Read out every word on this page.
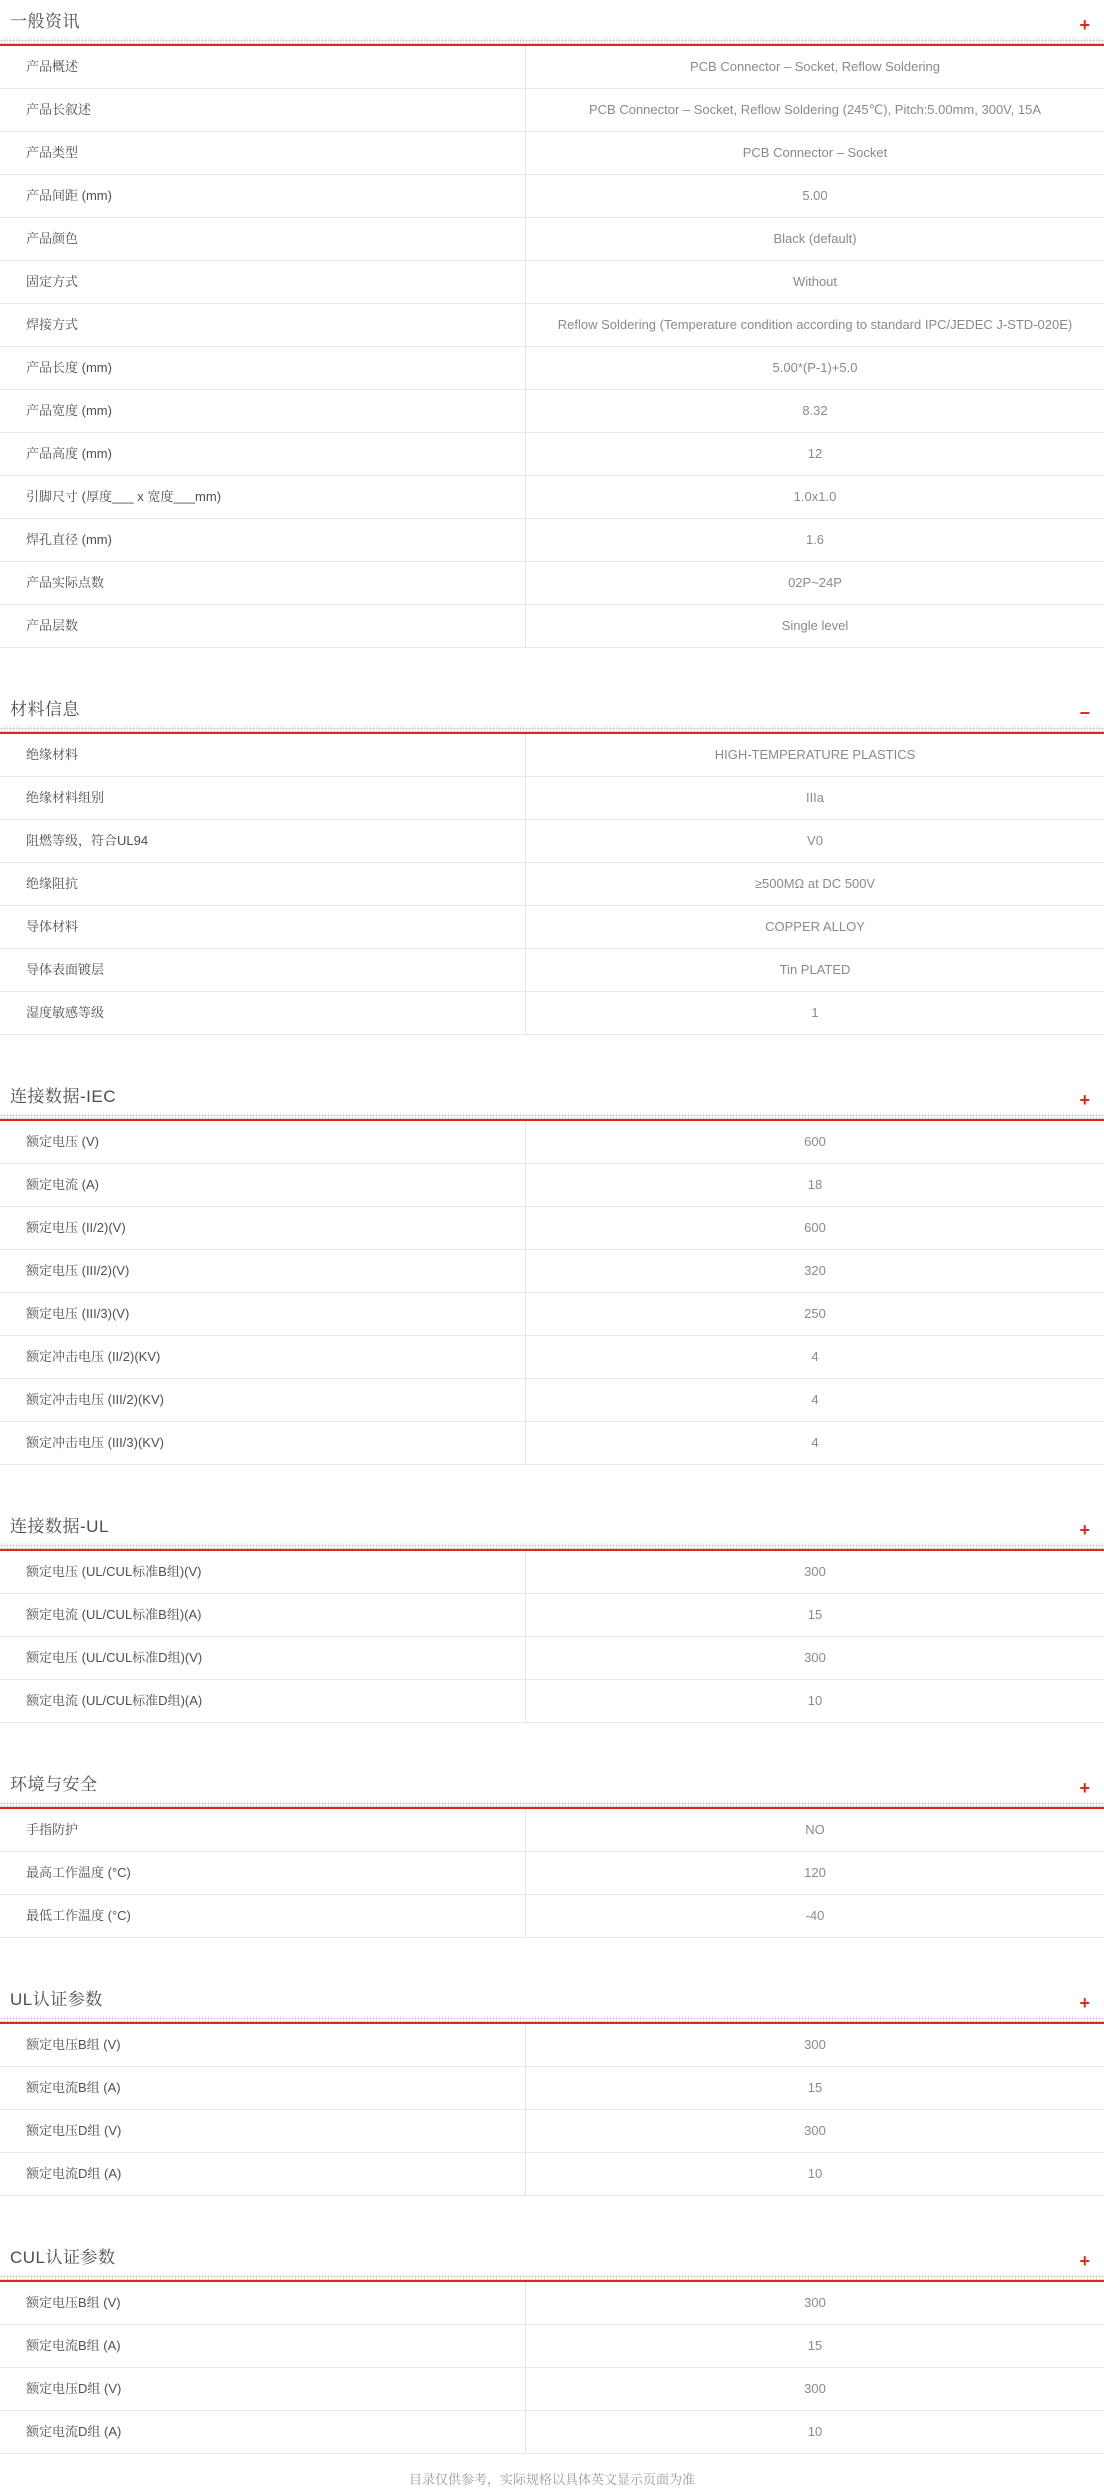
一般资讯	+
产品概述	PCB Connector – Socket, Reflow Soldering
产品长叙述	PCB Connector – Socket, Reflow Soldering (245℃), Pitch:5.00mm, 300V, 15A
产品类型	PCB Connector – Socket
产品间距 (mm)	5.00
产品颜色	Black (default)
固定方式	Without
焊接方式	Reflow Soldering (Temperature condition according to standard IPC/JEDEC J-STD-020E)
产品长度 (mm)	5.00*(P-1)+5.0
产品宽度 (mm)	8.32
产品高度 (mm)	12
引脚尺寸 (厚度___ x 宽度___mm)	1.0x1.0
焊孔直径 (mm)	1.6
产品实际点数	02P~24P
产品层数	Single level
材料信息	−
绝缘材料	HIGH-TEMPERATURE PLASTICS
绝缘材料组别	IIIa
阻燃等级，符合UL94	V0
绝缘阻抗	≥500MΩ at DC 500V
导体材料	COPPER ALLOY
导体表面镀层	Tin PLATED
湿度敏感等级	1
连接数据-IEC	+
额定电压 (V)	600
额定电流 (A)	18
额定电压 (II/2)(V)	600
额定电压 (III/2)(V)	320
额定电压 (III/3)(V)	250
额定冲击电压 (II/2)(KV)	4
额定冲击电压 (III/2)(KV)	4
额定冲击电压 (III/3)(KV)	4
连接数据-UL	+
额定电压 (UL/CUL标准B组)(V)	300
额定电流 (UL/CUL标准B组)(A)	15
额定电压 (UL/CUL标准D组)(V)	300
额定电流 (UL/CUL标准D组)(A)	10
环境与安全	+
手指防护	NO
最高工作温度 (°C)	120
最低工作温度 (°C)	-40
UL认证参数	+
额定电压B组 (V)	300
额定电流B组 (A)	15
额定电压D组 (V)	300
额定电流D组 (A)	10
CUL认证参数	+
额定电压B组 (V)	300
额定电流B组 (A)	15
额定电压D组 (V)	300
额定电流D组 (A)	10
目录仅供参考，实际规格以具体英文显示页面为准
